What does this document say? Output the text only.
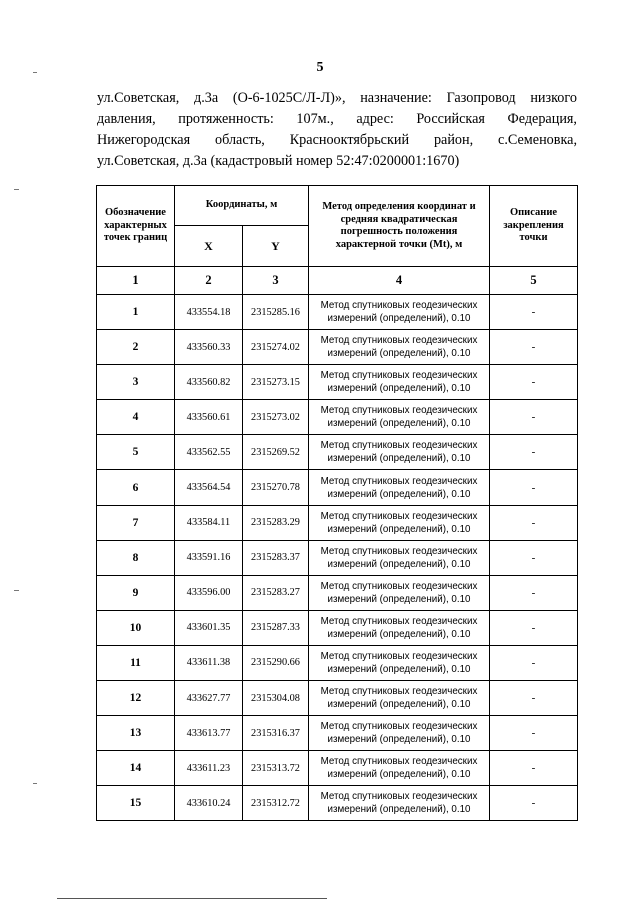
5
ул.Советская, д.3а (О-6-1025С/Л-Л)», назначение: Газопровод низкого
давления, протяженность: 107м., адрес: Российская Федерация,
Нижегородская область, Краснооктябрьский район, с.Семеновка,
ул.Советская, д.3а (кадастровый номер 52:47:0200001:1670)
Обозначение характерных точек границ	Координаты, м		Метод определения координат и средняя квадратическая погрешность положения характерной точки (Mt), м	Описание закрепления точки
	X	Y		
1	2	3	4	5
1	433554.18	2315285.16	Метод спутниковых геодезических измерений (определений), 0.10	-
2	433560.33	2315274.02	Метод спутниковых геодезических измерений (определений), 0.10	-
3	433560.82	2315273.15	Метод спутниковых геодезических измерений (определений), 0.10	-
4	433560.61	2315273.02	Метод спутниковых геодезических измерений (определений), 0.10	-
5	433562.55	2315269.52	Метод спутниковых геодезических измерений (определений), 0.10	-
6	433564.54	2315270.78	Метод спутниковых геодезических измерений (определений), 0.10	-
7	433584.11	2315283.29	Метод спутниковых геодезических измерений (определений), 0.10	-
8	433591.16	2315283.37	Метод спутниковых геодезических измерений (определений), 0.10	-
9	433596.00	2315283.27	Метод спутниковых геодезических измерений (определений), 0.10	-
10	433601.35	2315287.33	Метод спутниковых геодезических измерений (определений), 0.10	-
11	433611.38	2315290.66	Метод спутниковых геодезических измерений (определений), 0.10	-
12	433627.77	2315304.08	Метод спутниковых геодезических измерений (определений), 0.10	-
13	433613.77	2315316.37	Метод спутниковых геодезических измерений (определений), 0.10	-
14	433611.23	2315313.72	Метод спутниковых геодезических измерений (определений), 0.10	-
15	433610.24	2315312.72	Метод спутниковых геодезических измерений (определений), 0.10	-
